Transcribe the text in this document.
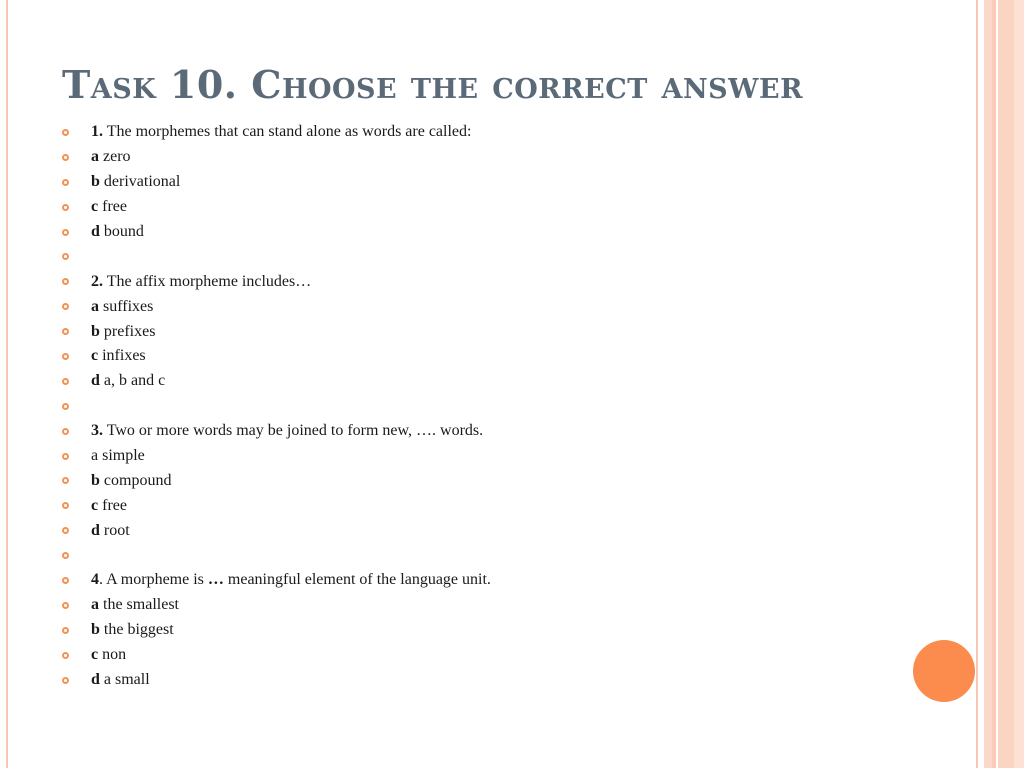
Task 10. Choose the correct answer
1. The morphemes that can stand alone as words are called:
a zero
b derivational
c free
d bound
2. The affix morpheme includes…
a suffixes
b prefixes
c infixes
d a, b and c
3. Two or more words may be joined to form new, …. words.
a simple
b compound
c free
d root
4. A morpheme is … meaningful element of the language unit.
a the smallest
b the biggest
c non
d a small
